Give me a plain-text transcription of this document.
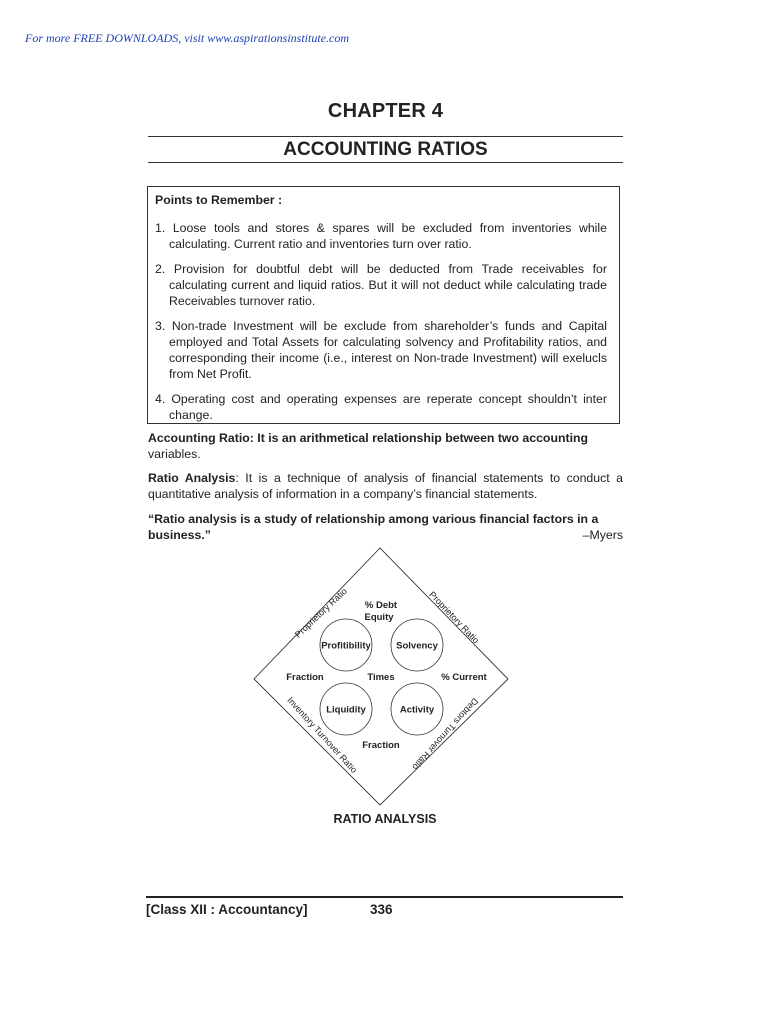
For more FREE DOWNLOADS, visit www.aspirationsinstitute.com
CHAPTER 4
ACCOUNTING RATIOS
Points to Remember :

1. Loose tools and stores & spares will be excluded from inventories while calculating. Current ratio and inventories turn over ratio.

2. Provision for doubtful debt will be deducted from Trade receivables for calculating current and liquid ratios. But it will not deduct while calculating trade Receivables turnover ratio.

3. Non-trade Investment will be exclude from shareholder’s funds and Capital employed and Total Assets for calculating solvency and Profitability ratios, and corresponding their income (i.e., interest on Non-trade Investment) will exelucls from Net Profit.

4. Operating cost and operating expenses are reperate concept shouldn’t inter change.

Accounting Ratio: It is an arithmetical relationship between two accounting
variables.
Ratio Analysis: It is a technique of analysis of financial statements to conduct a quantitative analysis of information in a company’s financial statements.
“Ratio analysis is a study of relationship among various financial factors in a business.”	–Myers
Profitibility	Solvency
Liquidity	Activity
% Debt
Equity
Fraction	Times	% Current
Fraction
Proprietory Ratio	Proprietory Ratio
Inventory Turnover Ratio
Debtors Turnover Ratio
RATIO ANALYSIS
[Class XII : Accountancy]	336
